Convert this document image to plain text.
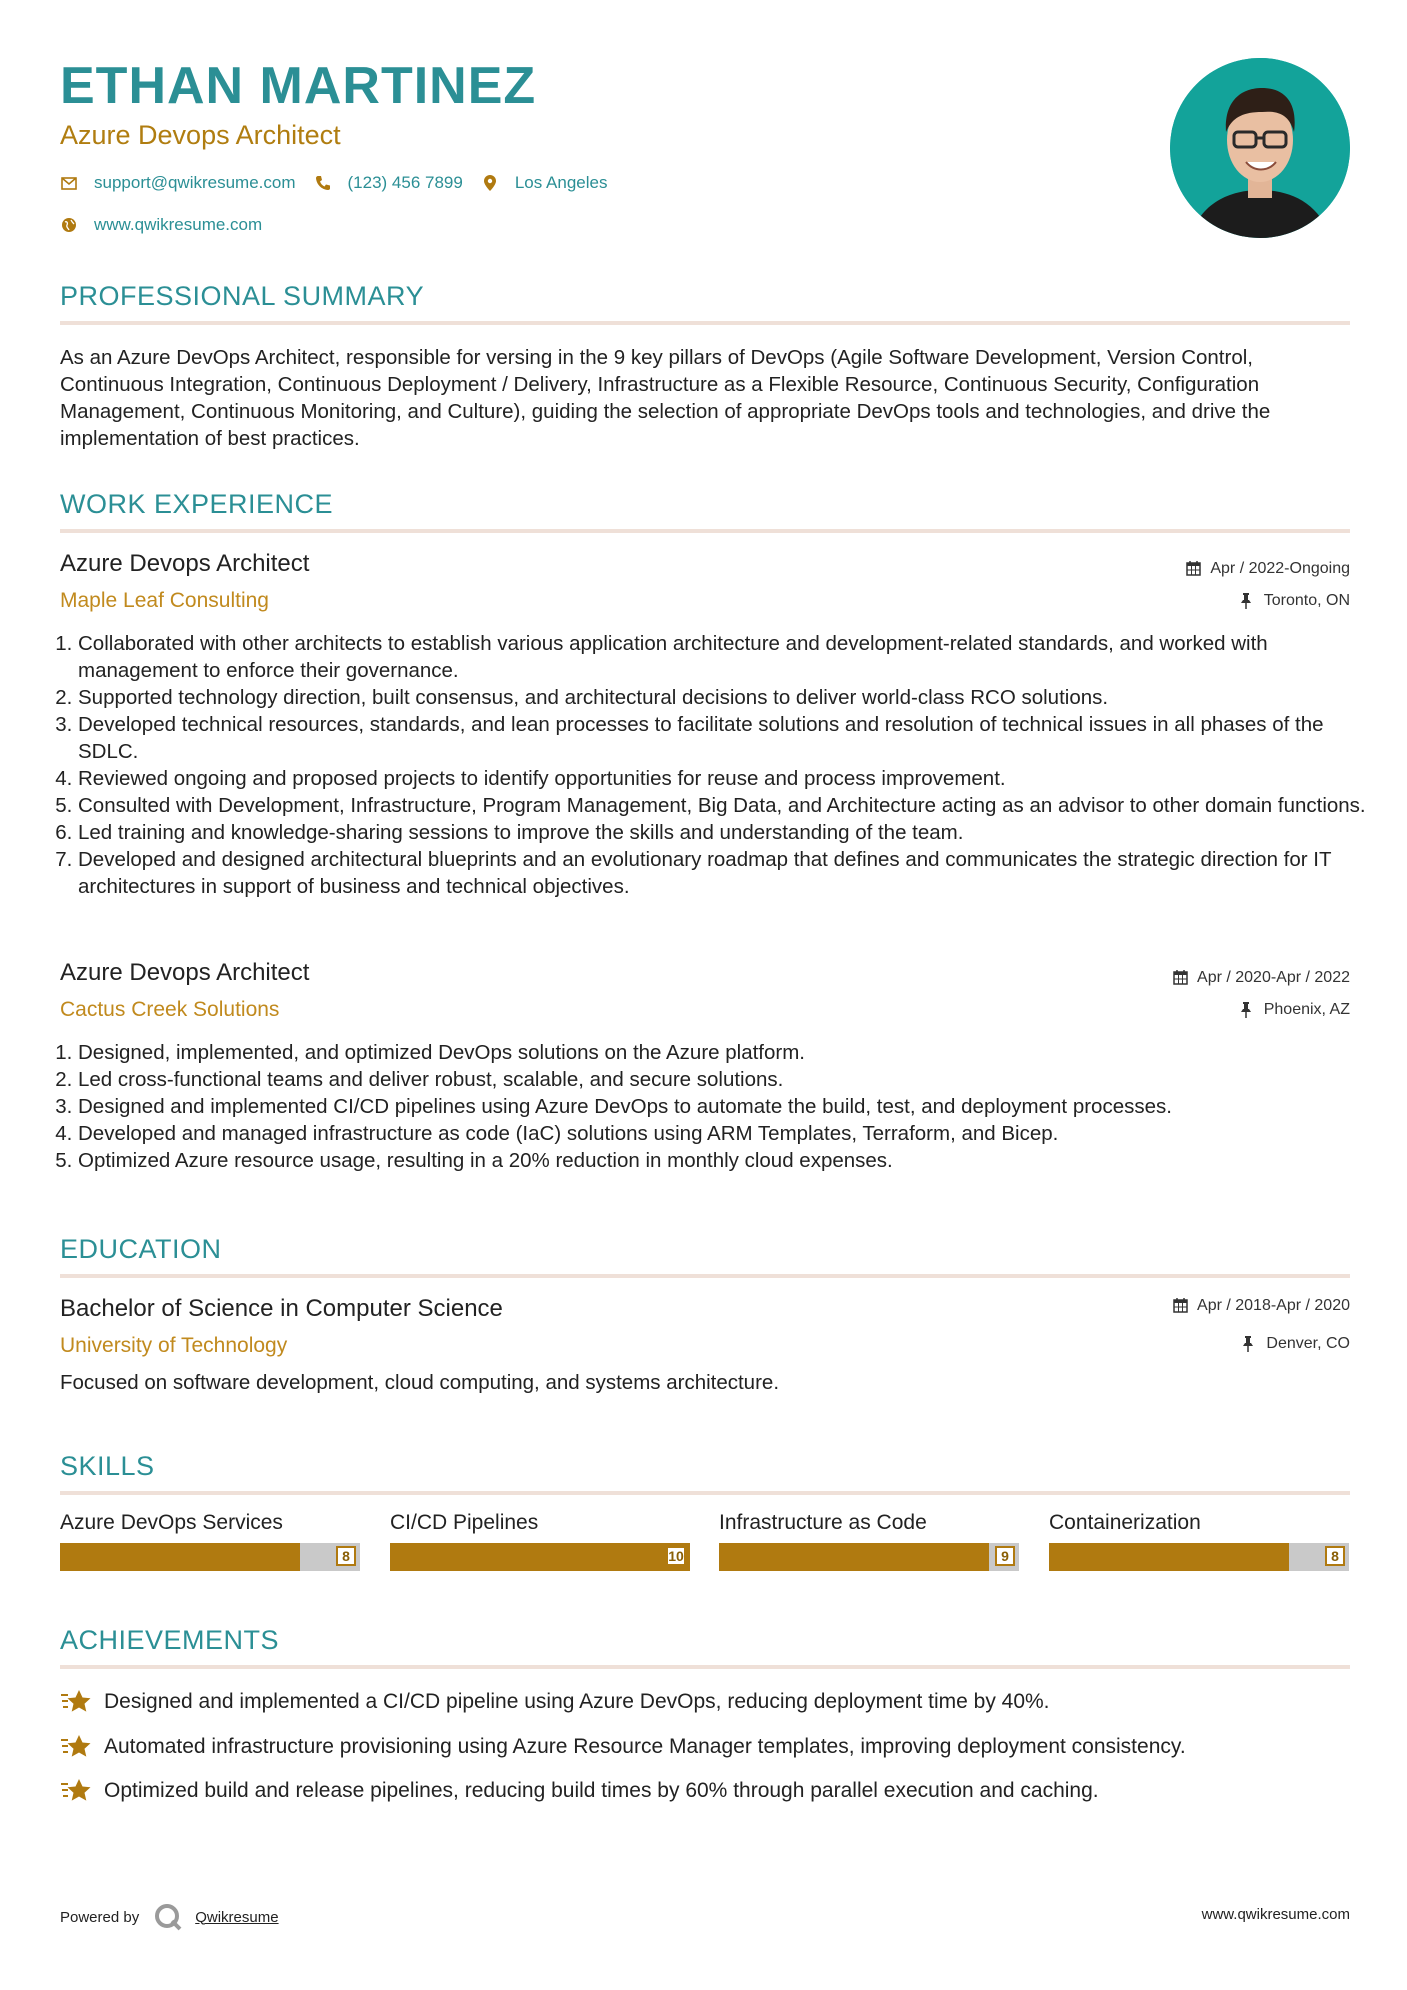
ETHAN MARTINEZ
Azure Devops Architect
support@qwikresume.com	(123) 456 7899	Los Angeles
www.qwikresume.com
PROFESSIONAL SUMMARY
As an Azure DevOps Architect, responsible for versing in the 9 key pillars of DevOps (Agile Software Development, Version Control, Continuous Integration, Continuous Deployment / Delivery, Infrastructure as a Flexible Resource, Continuous Security, Configuration Management, Continuous Monitoring, and Culture), guiding the selection of appropriate DevOps tools and technologies, and drive the implementation of best practices.
WORK EXPERIENCE
Azure Devops Architect
Maple Leaf Consulting
Apr / 2022-Ongoing
Toronto, ON
1. Collaborated with other architects to establish various application architecture and development-related standards, and worked with management to enforce their governance.
2. Supported technology direction, built consensus, and architectural decisions to deliver world-class RCO solutions.
3. Developed technical resources, standards, and lean processes to facilitate solutions and resolution of technical issues in all phases of the SDLC.
4. Reviewed ongoing and proposed projects to identify opportunities for reuse and process improvement.
5. Consulted with Development, Infrastructure, Program Management, Big Data, and Architecture acting as an advisor to other domain functions.
6. Led training and knowledge-sharing sessions to improve the skills and understanding of the team.
7. Developed and designed architectural blueprints and an evolutionary roadmap that defines and communicates the strategic direction for IT architectures in support of business and technical objectives.
Azure Devops Architect
Cactus Creek Solutions
Apr / 2020-Apr / 2022
Phoenix, AZ
1. Designed, implemented, and optimized DevOps solutions on the Azure platform.
2. Led cross-functional teams and deliver robust, scalable, and secure solutions.
3. Designed and implemented CI/CD pipelines using Azure DevOps to automate the build, test, and deployment processes.
4. Developed and managed infrastructure as code (IaC) solutions using ARM Templates, Terraform, and Bicep.
5. Optimized Azure resource usage, resulting in a 20% reduction in monthly cloud expenses.
EDUCATION
Bachelor of Science in Computer Science
University of Technology
Apr / 2018-Apr / 2020
Denver, CO
Focused on software development, cloud computing, and systems architecture.
SKILLS
Azure DevOps Services
8
CI/CD Pipelines
10
Infrastructure as Code
9
Containerization
8
ACHIEVEMENTS
Designed and implemented a CI/CD pipeline using Azure DevOps, reducing deployment time by 40%.
Automated infrastructure provisioning using Azure Resource Manager templates, improving deployment consistency.
Optimized build and release pipelines, reducing build times by 60% through parallel execution and caching.
Powered by	Qwikresume	www.qwikresume.com
